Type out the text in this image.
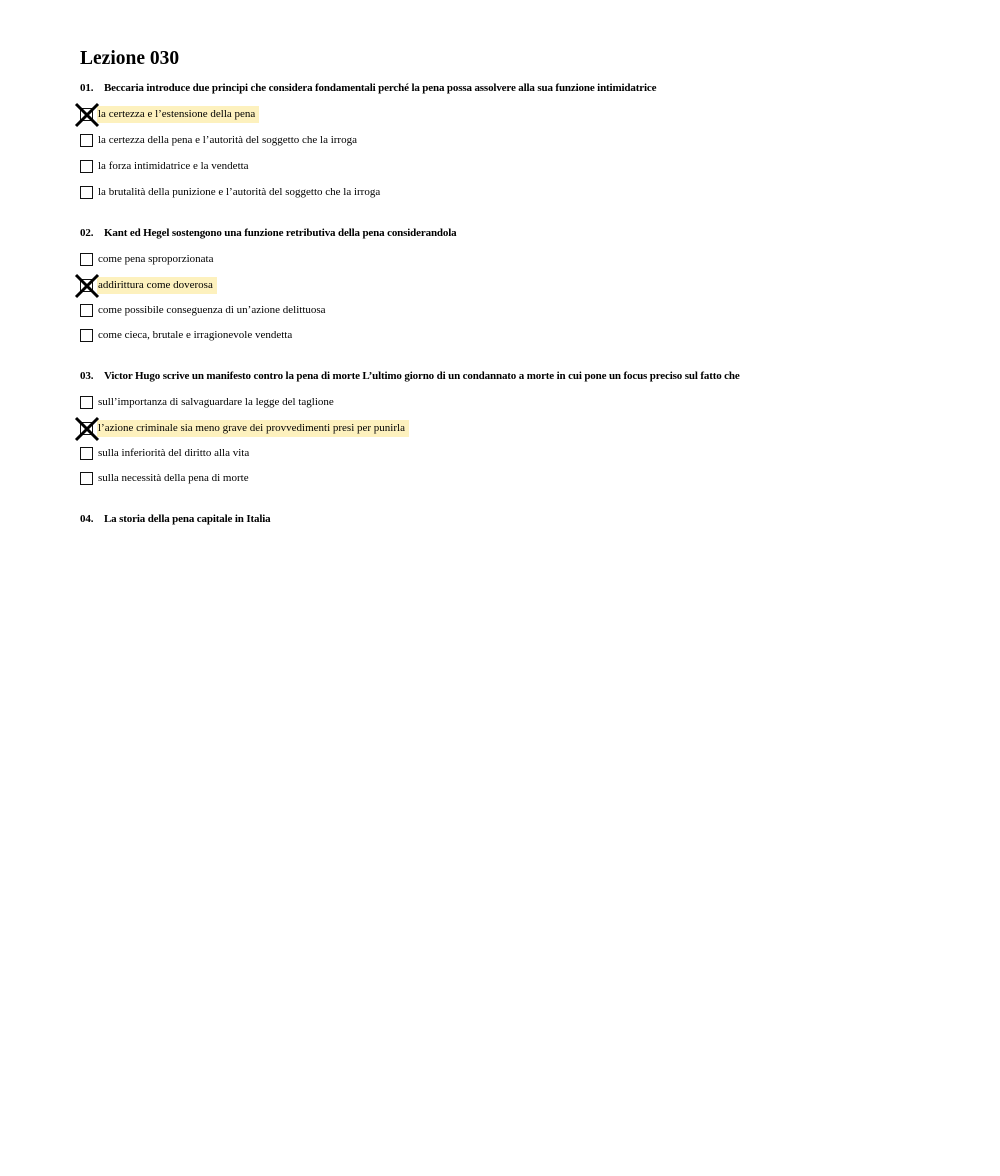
Lezione 030
01. Beccaria introduce due principi che considera fondamentali perché la pena possa assolvere alla sua funzione intimidatrice
la certezza e l’estensione della pena
la certezza della pena e l’autorità del soggetto che la irroga
la forza intimidatrice e la vendetta
la brutalità della punizione e l’autorità del soggetto che la irroga
02. Kant ed Hegel sostengono una funzione retributiva della pena considerandola
come pena sproporzionata
addirittura come doverosa
come possibile conseguenza di un’azione delittuosa
come cieca, brutale e irragionevole vendetta
03. Victor Hugo scrive un manifesto contro la pena di morte L’ultimo giorno di un condannato a morte in cui pone un focus preciso sul fatto che
sull’importanza di salvaguardare la legge del taglione
l’azione criminale sia meno grave dei provvedimenti presi per punirla
sulla inferiorità del diritto alla vita
sulla necessità della pena di morte
04. La storia della pena capitale in Italia
